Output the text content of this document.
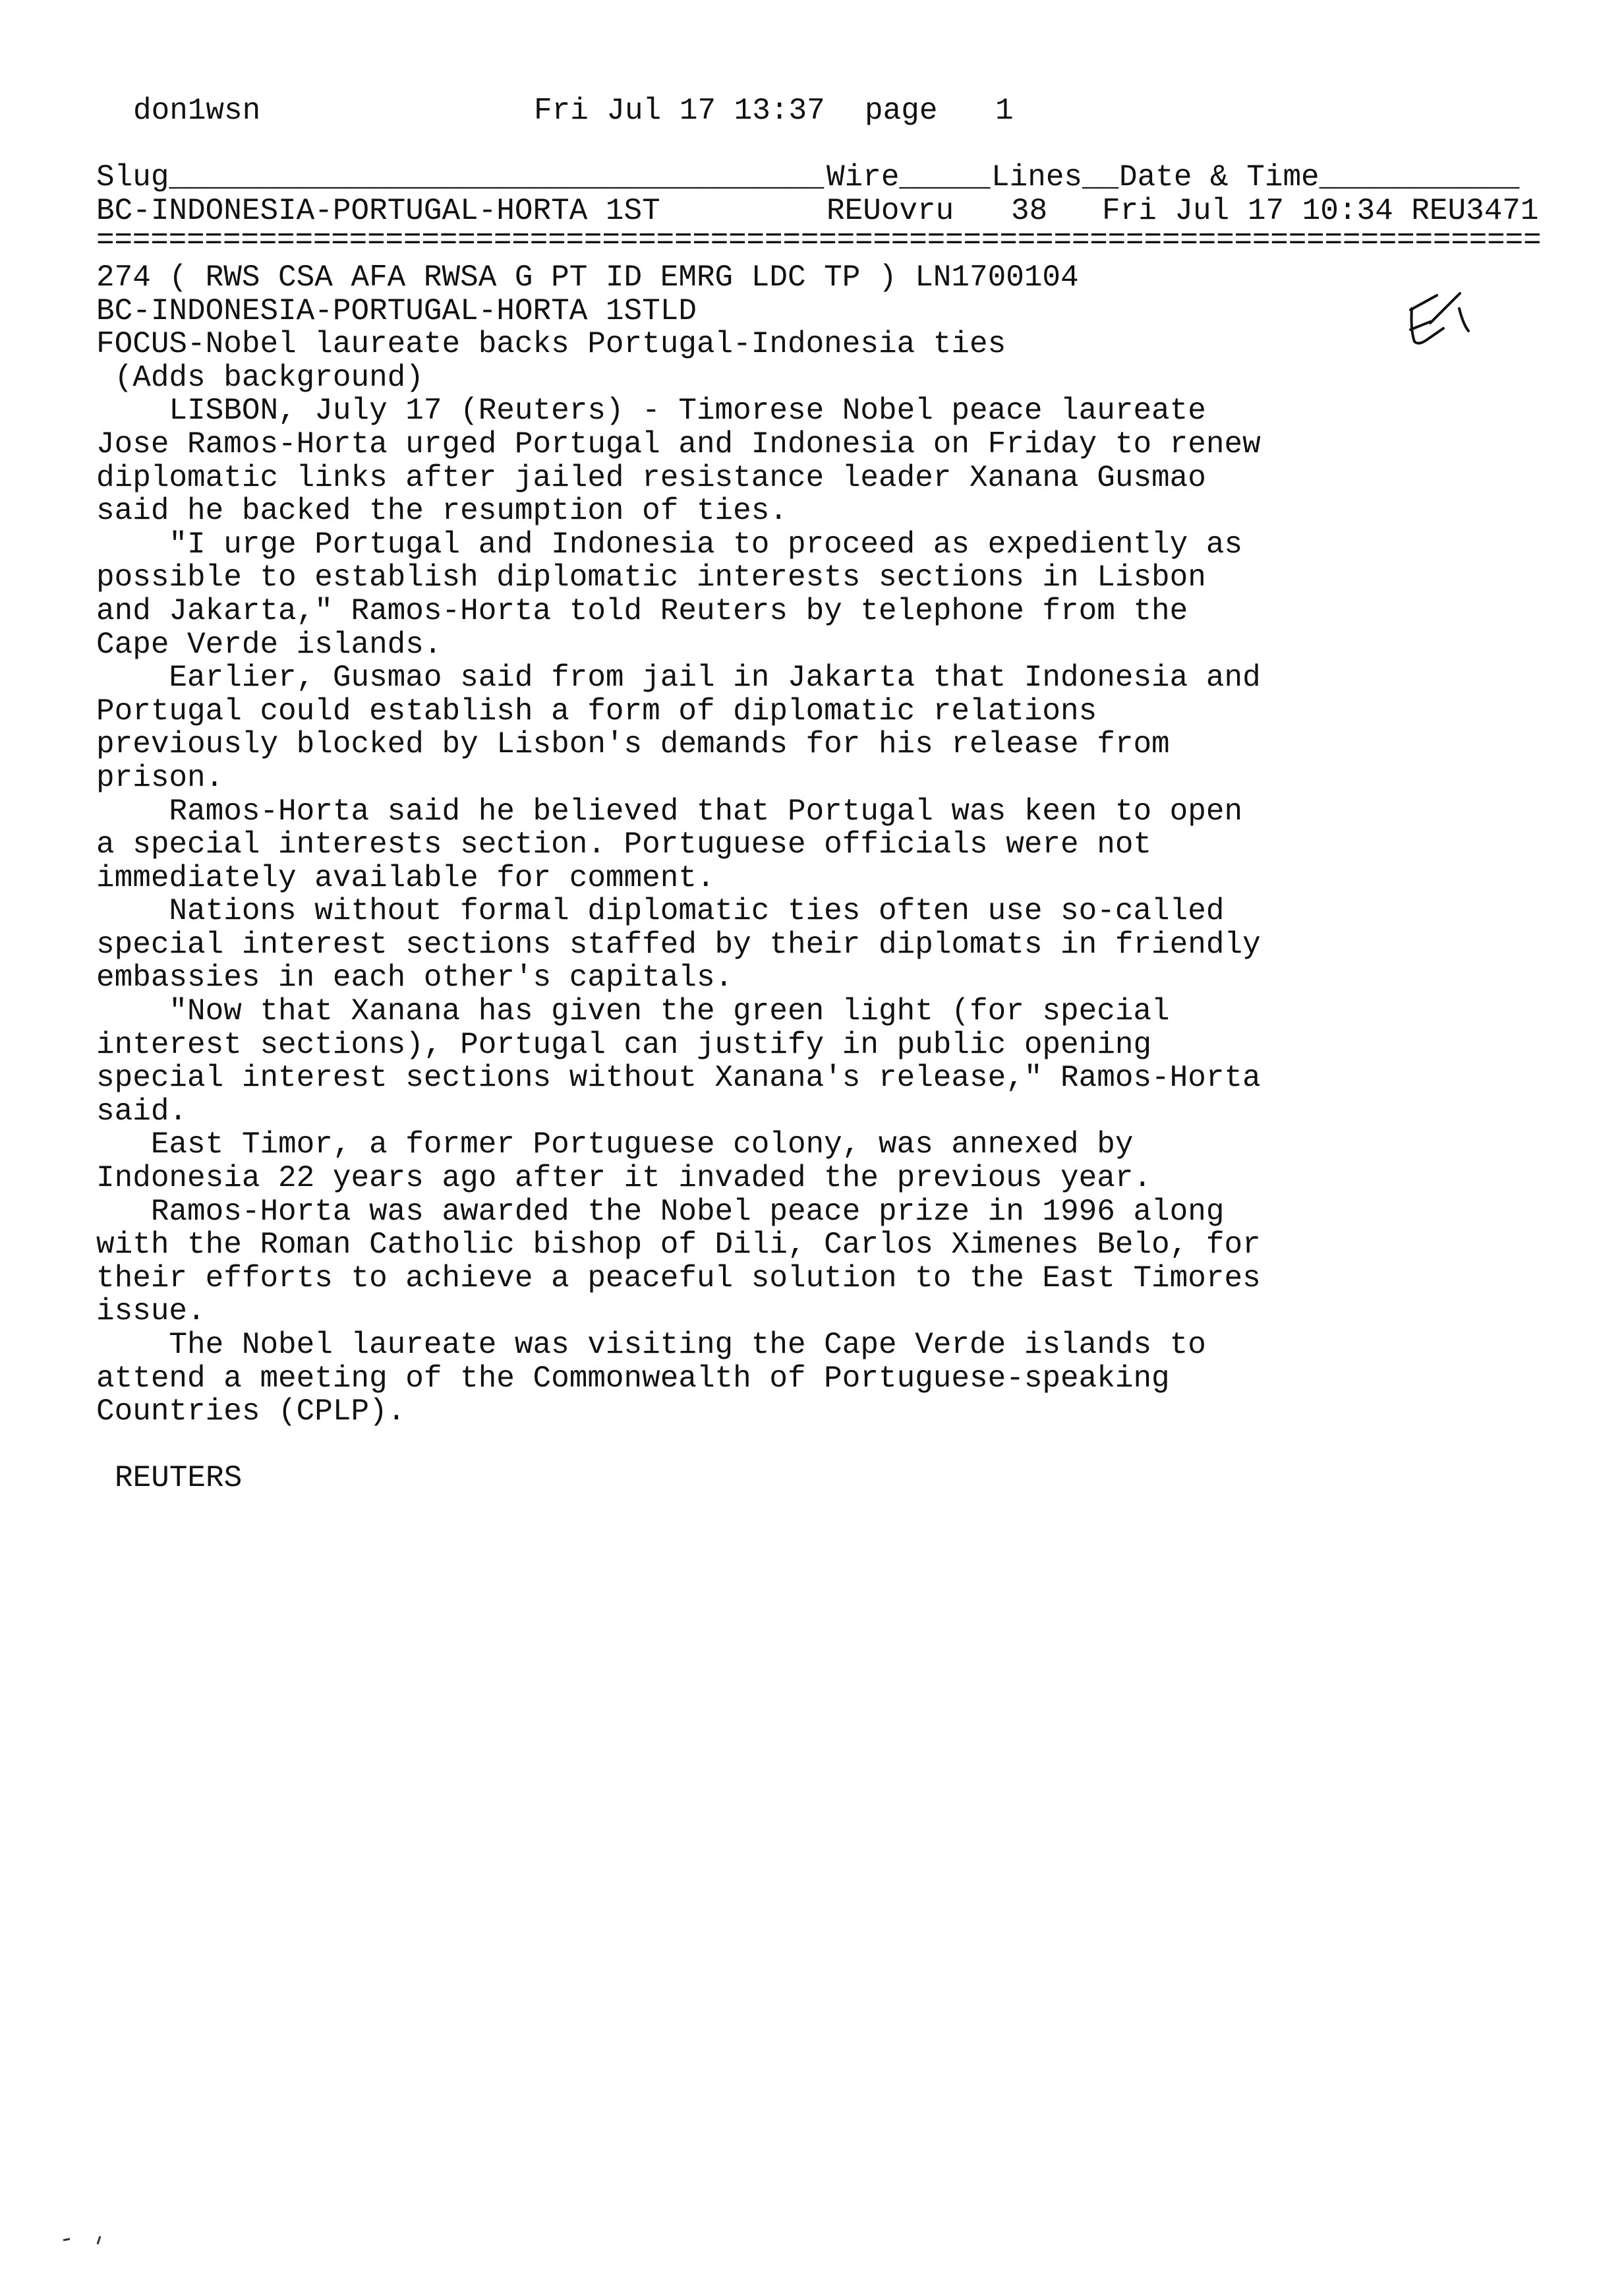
don1wsn	Fri Jul 17 13:37 page 1
Slug____________________________________ Wire_____ Lines__ Date & Time___________
BC-INDONESIA-PORTUGAL-HORTA 1ST	REUovru 38 Fri Jul 17 10:34 REU3471
================================================================================
274 ( RWS CSA AFA RWSA G PT ID EMRG LDC TP ) LN1700104
BC-INDONESIA-PORTUGAL-HORTA 1STLD
FOCUS-Nobel laureate backs Portugal-Indonesia ties
(Adds background)
LISBON, July 17 (Reuters) - Timorese Nobel peace laureate
Jose Ramos-Horta urged Portugal and Indonesia on Friday to renew
diplomatic links after jailed resistance leader Xanana Gusmao
said he backed the resumption of ties.
"I urge Portugal and Indonesia to proceed as expediently as
possible to establish diplomatic interests sections in Lisbon
and Jakarta," Ramos-Horta told Reuters by telephone from the
Cape Verde islands.
Earlier, Gusmao said from jail in Jakarta that Indonesia and
Portugal could establish a form of diplomatic relations
previously blocked by Lisbon's demands for his release from
prison.
Ramos-Horta said he believed that Portugal was keen to open
a special interests section. Portuguese officials were not
immediately available for comment.
Nations without formal diplomatic ties often use so-called
special interest sections staffed by their diplomats in friendly
embassies in each other's capitals.
"Now that Xanana has given the green light (for special
interest sections), Portugal can justify in public opening
special interest sections without Xanana's release," Ramos-Horta
said.
East Timor, a former Portuguese colony, was annexed by
Indonesia 22 years ago after it invaded the previous year.
Ramos-Horta was awarded the Nobel peace prize in 1996 along
with the Roman Catholic bishop of Dili, Carlos Ximenes Belo, for
their efforts to achieve a peaceful solution to the East Timores
issue.
The Nobel laureate was visiting the Cape Verde islands to
attend a meeting of the Commonwealth of Portuguese-speaking
Countries (CPLP).
REUTERS
